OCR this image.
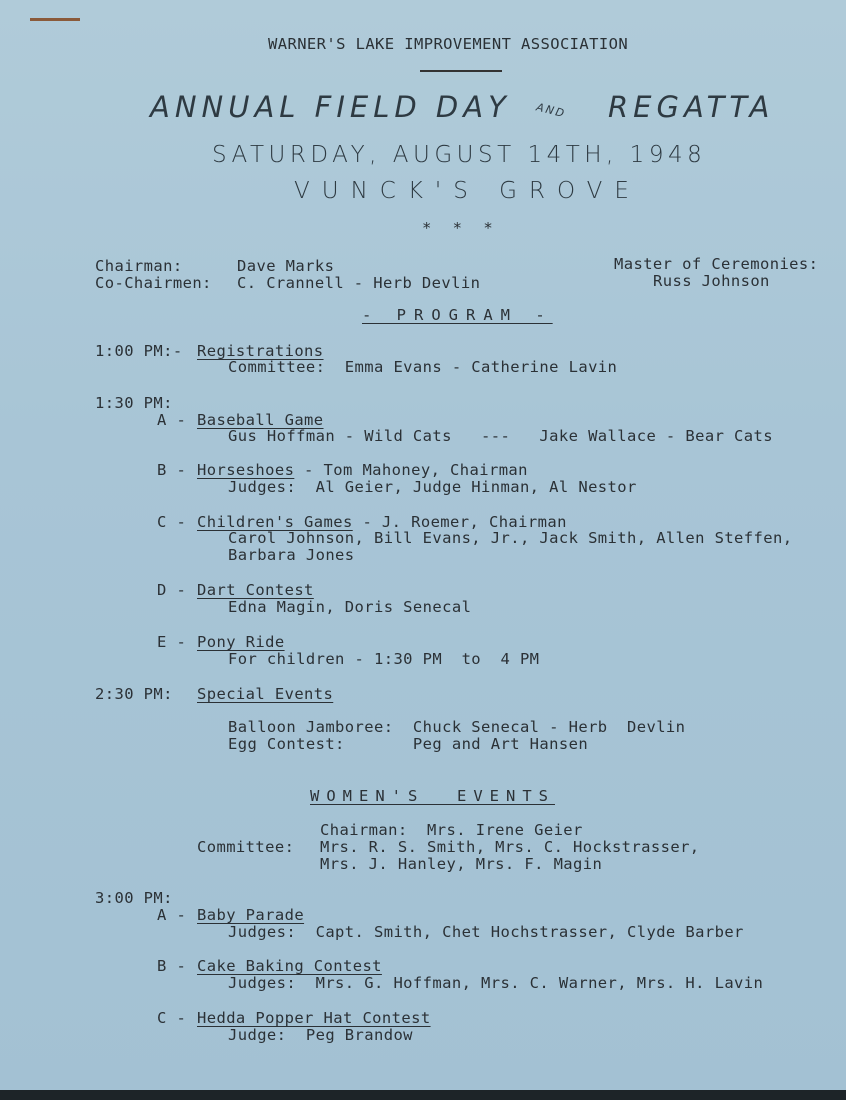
WARNER'S LAKE IMPROVEMENT ASSOCIATION
ANNUAL FIELD DAY AND REGATTA
SATURDAY, AUGUST 14TH, 1948
VUNCK'S GROVE
* * *
Chairman:	Dave Marks
Co-Chairmen: C. Crannell - Herb Devlin
Master of Ceremonies:
Russ Johnson
- PROGRAM -
1:00 PM:- Registrations
Committee:  Emma Evans - Catherine Lavin
1:30 PM:
A - Baseball Game
Gus Hoffman - Wild Cats   ---   Jake Wallace - Bear Cats
B - Horseshoes - Tom Mahoney, Chairman
Judges:  Al Geier, Judge Hinman, Al Nestor
C - Children's Games - J. Roemer, Chairman
Carol Johnson, Bill Evans, Jr., Jack Smith, Allen Steffen,
Barbara Jones
D - Dart Contest
Edna Magin, Doris Senecal
E - Pony Ride
For children - 1:30 PM  to  4 PM
2:30 PM: Special Events
Balloon Jamboree:  Chuck Senecal - Herb  Devlin
Egg Contest:       Peg and Art Hansen
WOMEN'S  EVENTS
Chairman:  Mrs. Irene Geier
Committee: Mrs. R. S. Smith, Mrs. C. Hockstrasser,
Mrs. J. Hanley, Mrs. F. Magin
3:00 PM:
A - Baby Parade
Judges:  Capt. Smith, Chet Hochstrasser, Clyde Barber
B - Cake Baking Contest
Judges:  Mrs. G. Hoffman, Mrs. C. Warner, Mrs. H. Lavin
C - Hedda Popper Hat Contest
Judge:  Peg Brandow
